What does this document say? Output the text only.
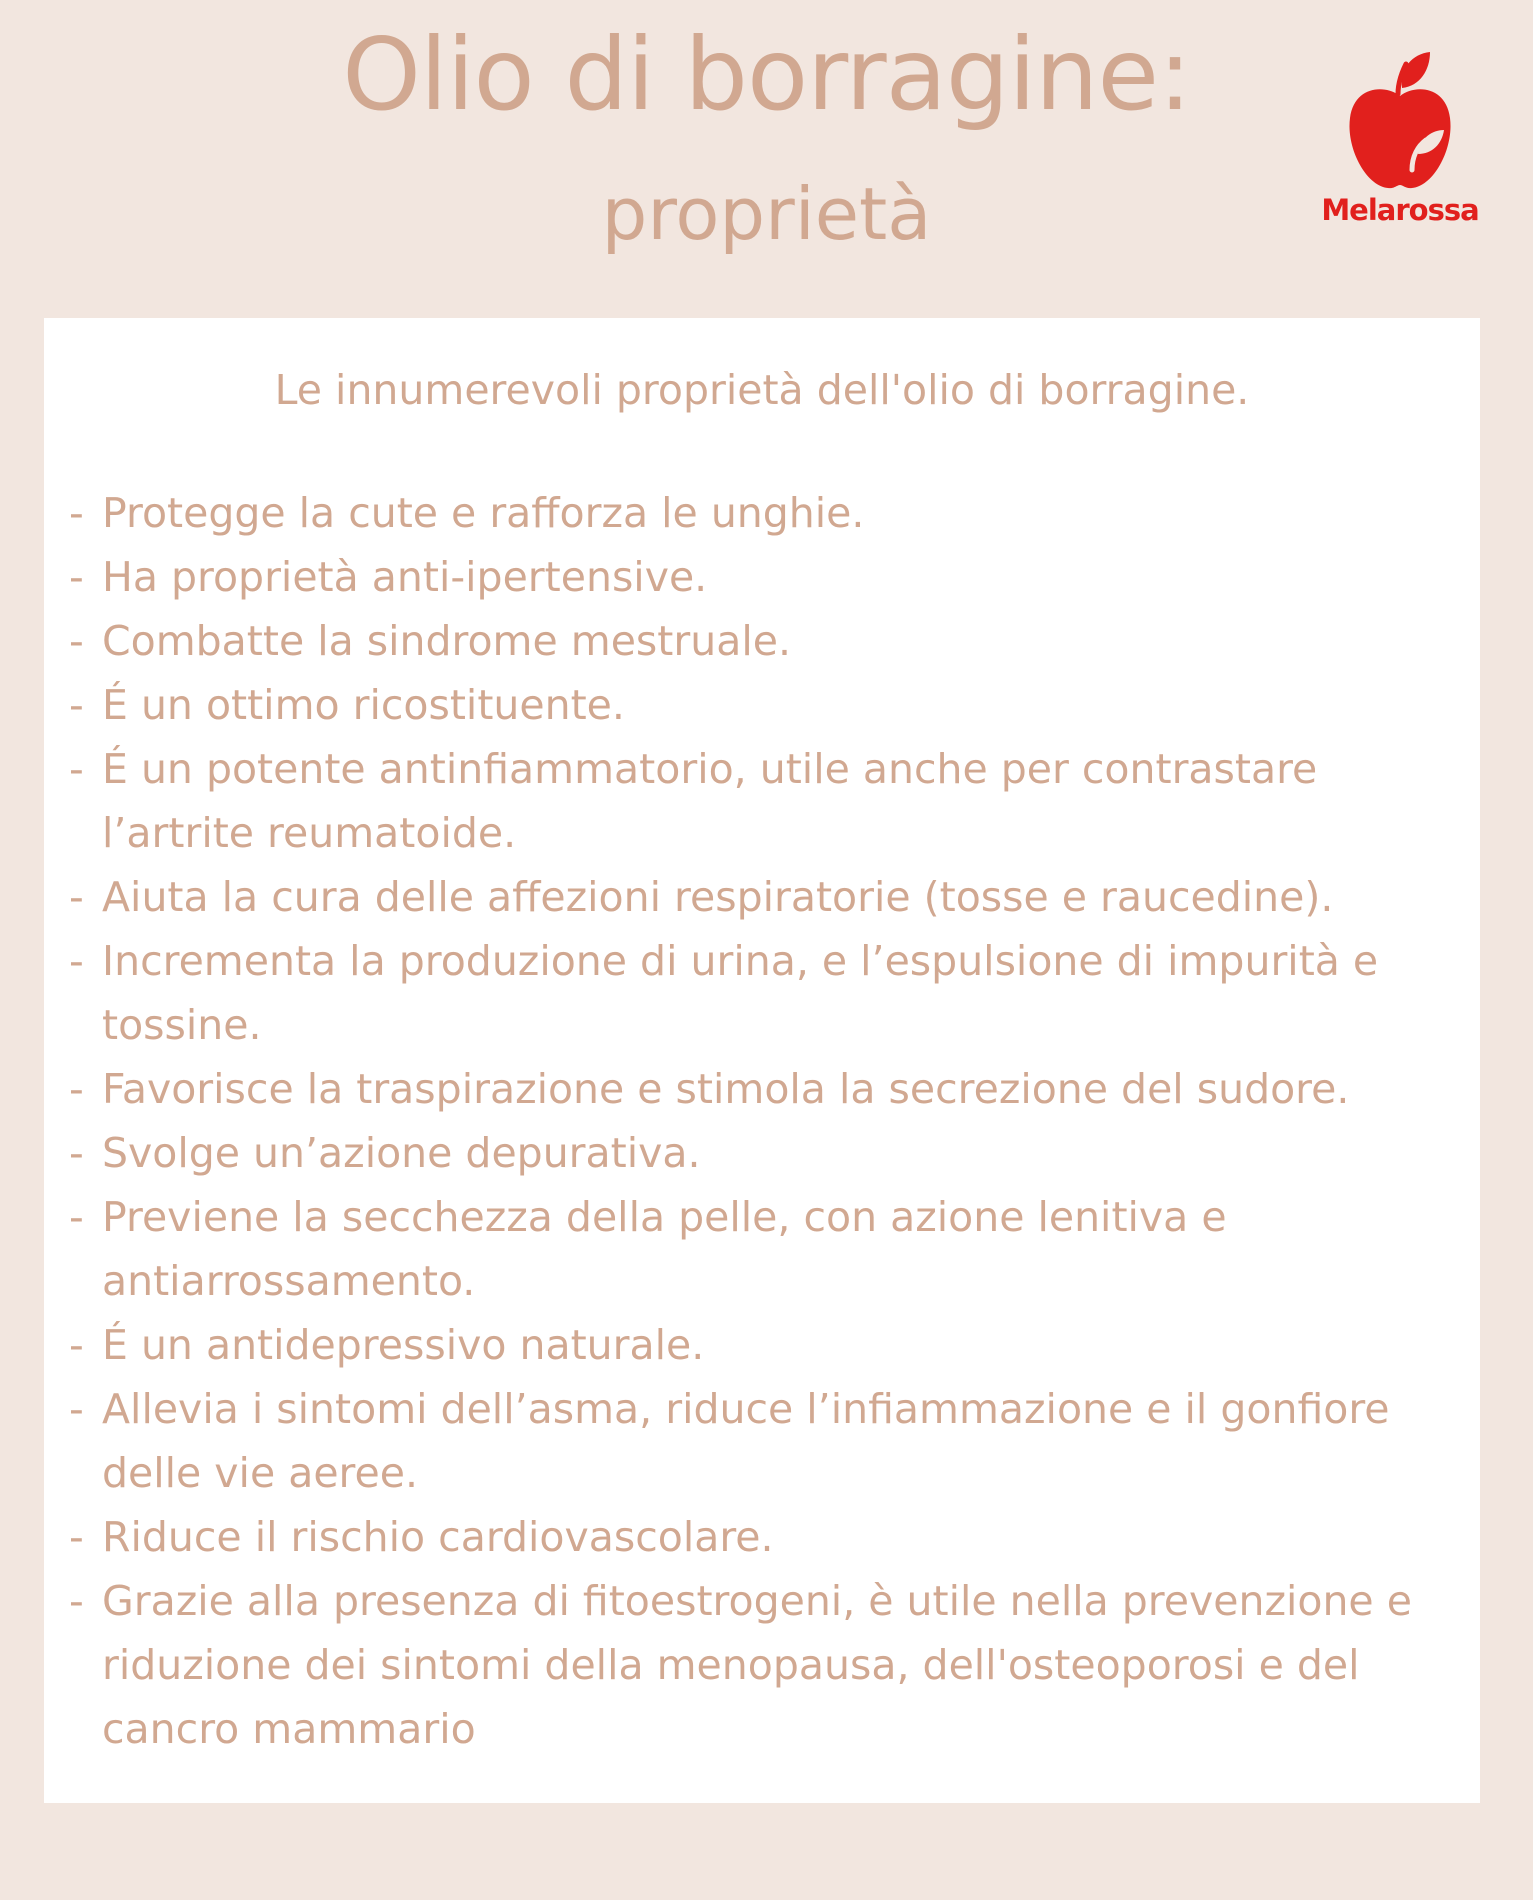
Olio di borragine:
proprietà	Melarossa
Le innumerevoli proprietà dell'olio di borragine.
- Protegge la cute e rafforza le unghie.
- Ha proprietà anti-ipertensive.
- Combatte la sindrome mestruale.
- É un ottimo ricostituente.
- É un potente antinfiammatorio, utile anche per contrastare l’artrite reumatoide.
- Aiuta la cura delle affezioni respiratorie (tosse e raucedine).
- Incrementa la produzione di urina, e l’espulsione di impurità e tossine.
- Favorisce la traspirazione e stimola la secrezione del sudore.
- Svolge un’azione depurativa.
- Previene la secchezza della pelle, con azione lenitiva e antiarrossamento.
- É un antidepressivo naturale.
- Allevia i sintomi dell’asma, riduce l’infiammazione e il gonfiore delle vie aeree.
- Riduce il rischio cardiovascolare.
- Grazie alla presenza di fitoestrogeni, è utile nella prevenzione e riduzione dei sintomi della menopausa, dell'osteoporosi e del cancro mammario
